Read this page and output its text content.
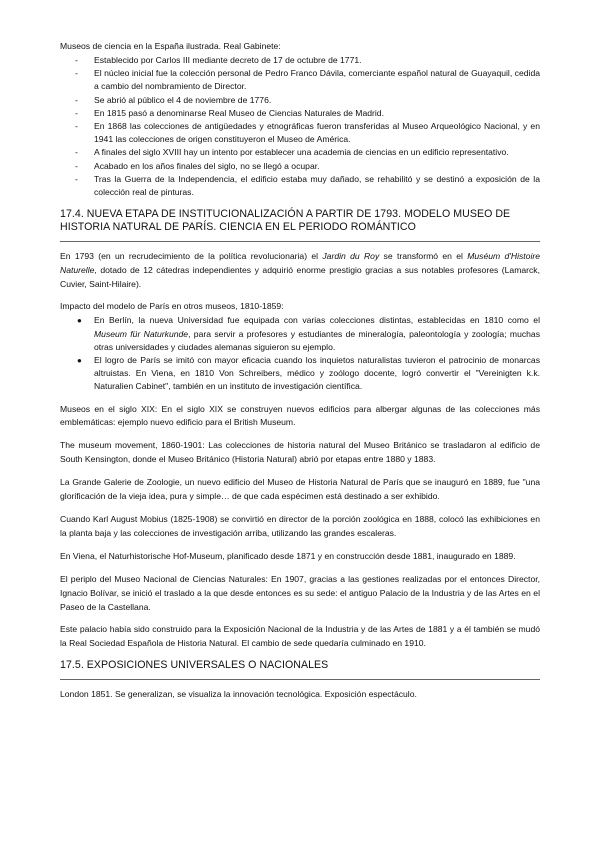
Museos de ciencia en la España ilustrada. Real Gabinete:

- Establecido por Carlos III mediante decreto de 17 de octubre de 1771.
- El núcleo inicial fue la colección personal de Pedro Franco Dávila, comerciante español natural de Guayaquil, cedida a cambio del nombramiento de Director.
- Se abrió al público el 4 de noviembre de 1776.
- En 1815 pasó a denominarse Real Museo de Ciencias Naturales de Madrid.
- En 1868 las colecciones de antigüedades y etnográficas fueron transferidas al Museo Arqueológico Nacional, y en 1941 las colecciones de origen constituyeron el Museo de América.
- A finales del siglo XVIII hay un intento por establecer una academia de ciencias en un edificio representativo.
- Acabado en los años finales del siglo, no se llegó a ocupar.
- Tras la Guerra de la Independencia, el edificio estaba muy dañado, se rehabilitó y se destinó a exposición de la colección real de pinturas.
17.4. NUEVA ETAPA DE INSTITUCIONALIZACIÓN A PARTIR DE 1793. MODELO MUSEO DE HISTORIA NATURAL DE PARÍS. CIENCIA EN EL PERIODO ROMÁNTICO

En 1793 (en un recrudecimiento de la política revolucionaria) el Jardin du Roy se transformó en el Muséum d'Histoire Naturelle, dotado de 12 cátedras independientes y adquirió enorme prestigio gracias a sus notables profesores (Lamarck, Cuvier, Saint-Hilaire).

Impacto del modelo de París en otros museos, 1810-1859:

● En Berlín, la nueva Universidad fue equipada con varias colecciones distintas, establecidas en 1810 como el Museum für Naturkunde, para servir a profesores y estudiantes de mineralogía, paleontología y zoología; muchas otras universidades y ciudades alemanas siguieron su ejemplo.
● El logro de París se imitó con mayor eficacia cuando los inquietos naturalistas tuvieron el patrocinio de monarcas altruistas. En Viena, en 1810 Von Schreibers, médico y zoólogo docente, logró convertir el "Vereinigten k.k. Naturalien Cabinet", también en un instituto de investigación científica.

Museos en el siglo XIX: En el siglo XIX se construyen nuevos edificios para albergar algunas de las colecciones más emblemáticas: ejemplo nuevo edificio para el British Museum.

The museum movement, 1860-1901: Las colecciones de historia natural del Museo Británico se trasladaron al edificio de South Kensington, donde el Museo Británico (Historia Natural) abrió por etapas entre 1880 y 1883.

La Grande Galerie de Zoologie, un nuevo edificio del Museo de Historia Natural de París que se inauguró en 1889, fue "una glorificación de la vieja idea, pura y simple… de que cada espécimen está destinado a ser exhibido.

Cuando Karl August Mobius (1825-1908) se convirtió en director de la porción zoológica en 1888, colocó las exhibiciones en la planta baja y las colecciones de investigación arriba, utilizando las grandes escaleras.

En Viena, el Naturhistorische Hof-Museum, planificado desde 1871 y en construcción desde 1881, inaugurado en 1889.

El periplo del Museo Nacional de Ciencias Naturales: En 1907, gracias a las gestiones realizadas por el entonces Director, Ignacio Bolívar, se inició el traslado a la que desde entonces es su sede: el antiguo Palacio de la Industria y de las Artes en el Paseo de la Castellana.

Este palacio había sido construido para la Exposición Nacional de la Industria y de las Artes de 1881 y a él también se mudó la Real Sociedad Española de Historia Natural. El cambio de sede quedaría culminado en 1910.

17.5. EXPOSICIONES UNIVERSALES O NACIONALES

London 1851. Se generalizan, se visualiza la innovación tecnológica. Exposición espectáculo.
